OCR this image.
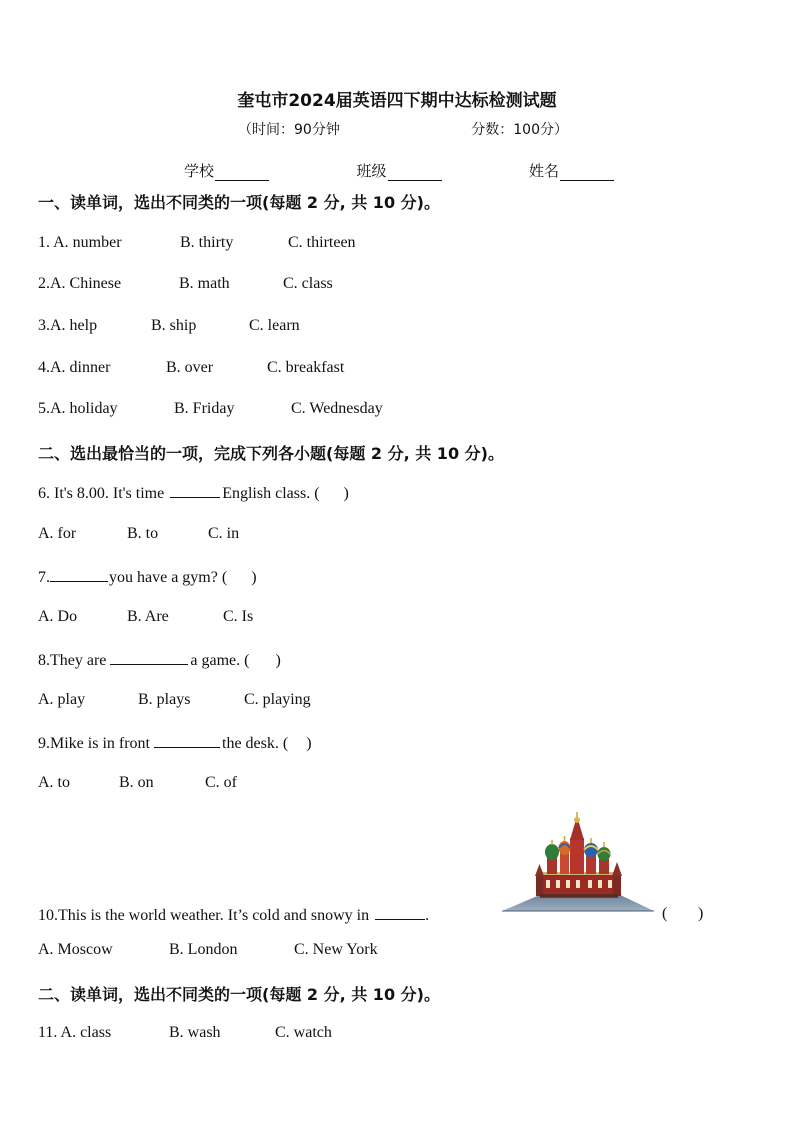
奎屯市2024届英语四下期中达标检测试题
（时间：90分钟	分数：100分）
学校	班级	姓名
一、读单词，选出不同类的一项(每题 2 分, 共 10 分)。
1. A. number	B. thirty	C. thirteen
2.A. Chinese	B. math	C. class
3.A. help	B. ship	C. learn
4.A. dinner	B. over	C. breakfast
5.A. holiday	B. Friday	C. Wednesday
二、选出最恰当的一项，完成下列各小题(每题 2 分, 共 10 分)。
6. It's 8.00. It's time	English class. ( )
A. for	B. to	C. in
7.	you have a gym? ( )
A. Do	B. Are	C. Is
8.They are	a game. ( )
A. play	B. plays	C. playing
9.Mike is in front	the desk. ( )
A. to	B. on	C. of
10.This is the world weather. It’s cold and snowy in	.	( )
A. Moscow	B. London	C. New York
二、读单词，选出不同类的一项(每题 2 分, 共 10 分)。
11. A. class	B. wash	C. watch
